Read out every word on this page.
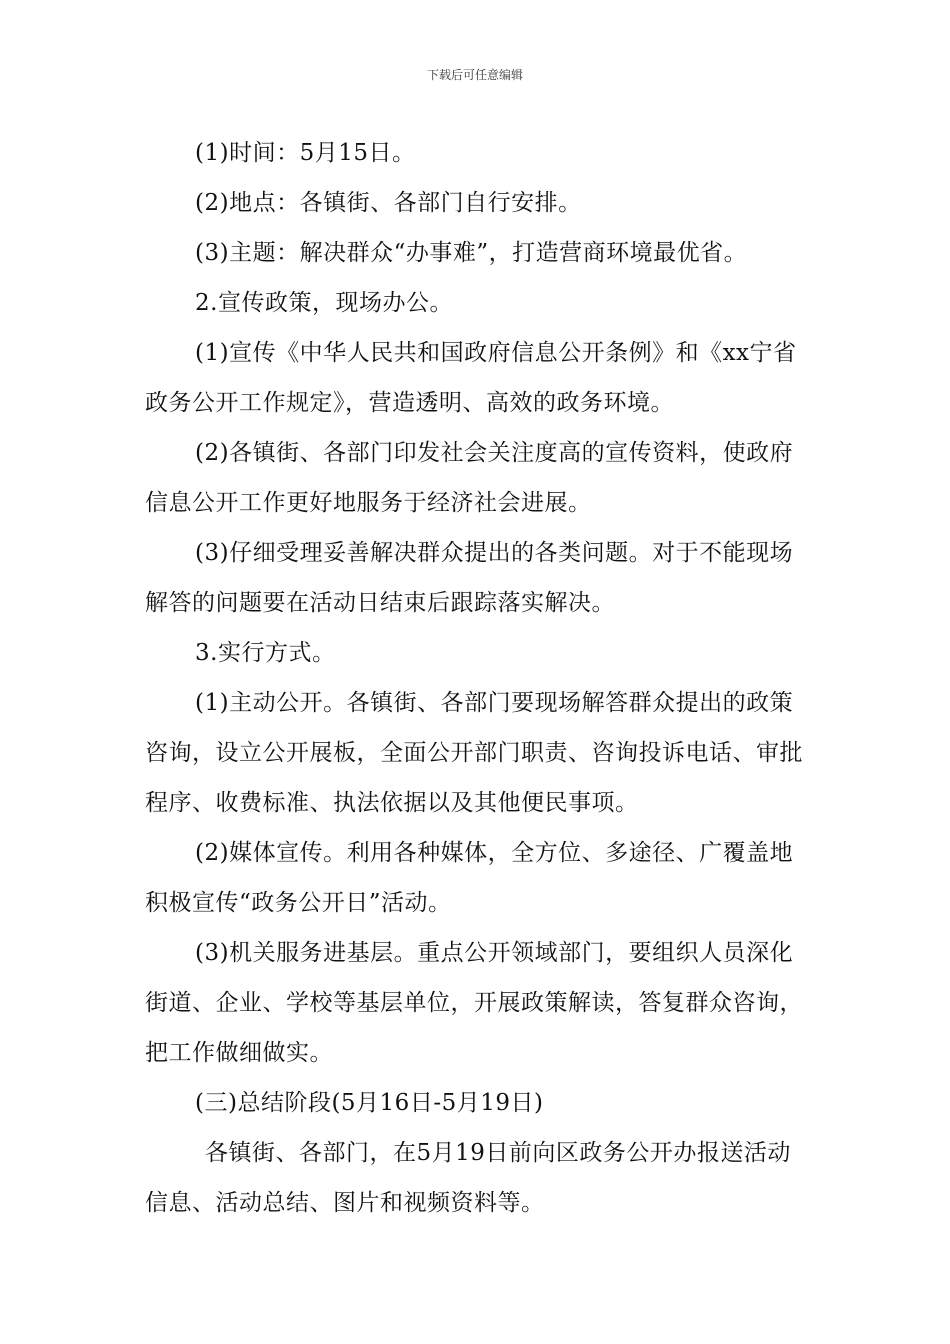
下载后可任意编辑

(1)时间：5月15日。

(2)地点：各镇街、各部门自行安排。

(3)主题：解决群众“办事难”，打造营商环境最优省。

2.宣传政策，现场办公。

(1)宣传《中华人民共和国政府信息公开条例》和《xx宁省政务公开工作规定》，营造透明、高效的政务环境。

(2)各镇街、各部门印发社会关注度高的宣传资料，使政府信息公开工作更好地服务于经济社会进展。

(3)仔细受理妥善解决群众提出的各类问题。对于不能现场解答的问题要在活动日结束后跟踪落实解决。

3.实行方式。

(1)主动公开。各镇街、各部门要现场解答群众提出的政策咨询，设立公开展板，全面公开部门职责、咨询投诉电话、审批程序、收费标准、执法依据以及其他便民事项。

(2)媒体宣传。利用各种媒体，全方位、多途径、广覆盖地积极宣传“政务公开日”活动。

(3)机关服务进基层。重点公开领域部门，要组织人员深化街道、企业、学校等基层单位，开展政策解读，答复群众咨询，把工作做细做实。

(三)总结阶段(5月16日-5月19日)

各镇街、各部门，在5月19日前向区政务公开办报送活动信息、活动总结、图片和视频资料等。
